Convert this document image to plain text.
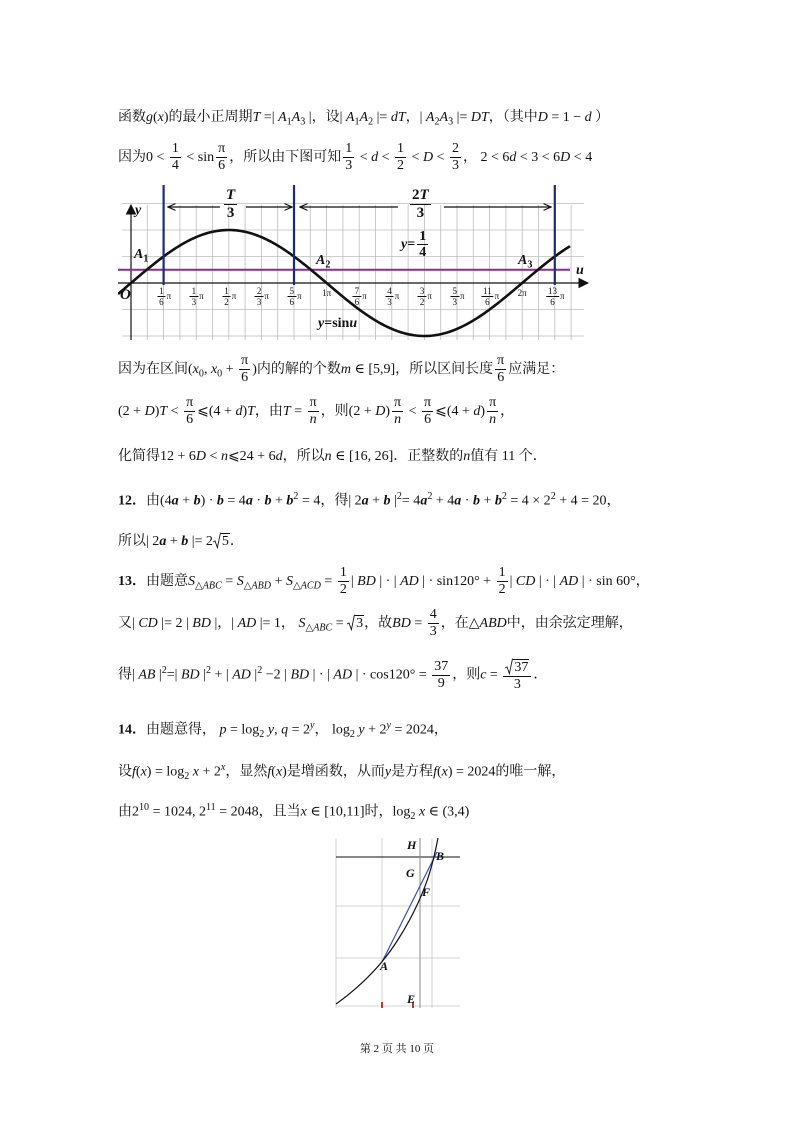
函数g(x)的最小正周期T =| $A_1A_3$ |，设| $A_1A_2$ |= dT，| $A_2A_3$ |= DT，（其中D = 1 − d ）
因为$0 < \frac{1}{4} < \sin \frac{\pi}{6}$ ，所以由下图可知 $\frac{1}{3} < d < \frac{1}{2} < D < \frac{2}{3}$ ， 2 < 6d < 3 < 6D < 4
$\frac{T}{3}$	$\frac{2T}{3}$
y
$A_1$	$A_2$	$A_3$
$y= \frac{1}{4}$
u
O
y=sinu
$\frac{1}{6}$ π $\frac{1}{3}$ π $\frac{1}{2}$ π $\frac{2}{3}$ π $\frac{5}{6}$ π $1\pi \frac{7}{6}$ π $\frac{4}{3}$ π $\frac{3}{2}$ π $\frac{5}{3}$ π $\frac{11}{6}$ π $2\pi \frac{13}{6}$ π
因为在区间($x_0$, $x_0 + \frac{\pi}{6}$ )内的解的个数m ∈ [5,9]，所以区间长度 $\frac{\pi}{6}$ 应满足：
$(2 + D)T < \frac{\pi}{6}$ ⩽(4 + d)T，由$T = \frac{\pi}{n}$ ，则$(2 + D) \frac{\pi}{n} < \frac{\pi}{6}$ ⩽(4 + $d) \frac{\pi}{n}$ ，
化简得12 + 6D < n⩽24 + 6d，所以n ∈ [16, 26]．正整数的n值有 11 个．
12．由$(4a + b) \cdot b = 4a \cdot b + b^2 = 4$，得| 2a + b $|^2= 4a^2 + 4a \cdot b + b^2 = 4 \times 2^2 + 4 = 20$，
所以| 2a + b |= 2 5．
13．由题意$S_{\triangle ABC} = S_{\triangle ABD} + S_{\triangle ACD} = \frac{1}{2}$ | BD | · | AD | · $\sin 120^\circ + \frac{1}{2}$ | CD | · | AD | · sin 60°，
又| CD |= 2 | BD |，| AD |= 1， $S_{\triangle ABC} = 3$，故BD = $\frac{4}{3}$ ，在△ABD中，由余弦定理解，
得| AB $|^2=|$ BD $|^2$ + | AD $|^2 -2$ | BD | · | AD | · $\cos 120^\circ = \frac{37}{9}$ ，则$c = \frac{37}{3}$ ．
14．由题意得， $p = \log_2 y$, $q = 2^y$， $\log_2 y + 2^y = 2024$，
设$f(x) = \log_2 x + 2^x$，显然f(x)是增函数，从而y是方程f(x) = 2024的唯一解，
由$2^{10} = 1024$, $2^{11} = 2048$，且当x ∈ [10,11]时，$\log_2 x$ ∈ (3,4)
H
B
G
F
A
E
第 2 页 共 10 页
